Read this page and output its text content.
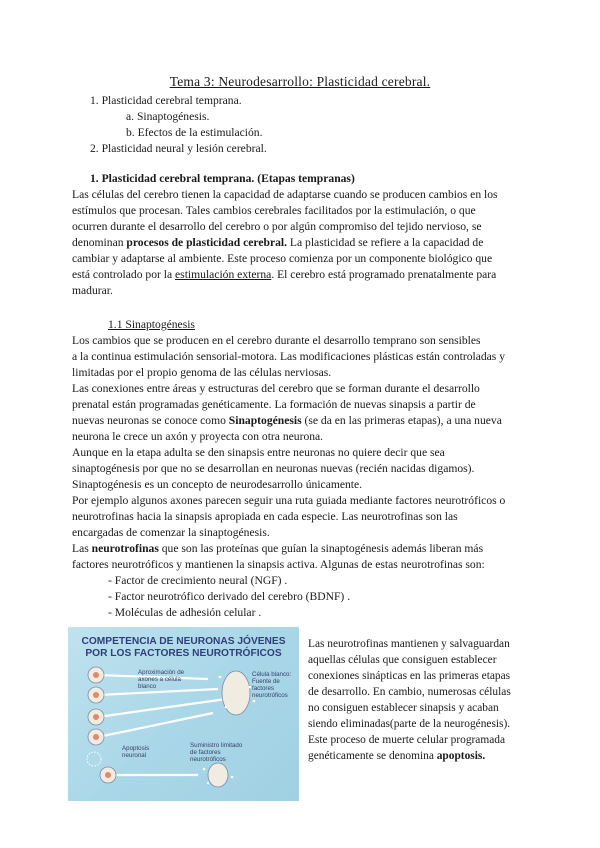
Tema 3: Neurodesarrollo: Plasticidad cerebral.
1. Plasticidad cerebral temprana.
a. Sinaptogénesis.
b. Efectos de la estimulación.
2. Plasticidad neural y lesión cerebral.
1. Plasticidad cerebral temprana. (Etapas tempranas)
Las células del cerebro tienen la capacidad de adaptarse cuando se producen cambios en los
estímulos que procesan. Tales cambios cerebrales facilitados por la estimulación, o que
ocurren durante el desarrollo del cerebro o por algún compromiso del tejido nervioso, se
denominan procesos de plasticidad cerebral. La plasticidad se refiere a la capacidad de
cambiar y adaptarse al ambiente. Este proceso comienza por un componente biológico que
está controlado por la estimulación externa. El cerebro está programado prenatalmente para
madurar.
1.1 Sinaptogénesis
Los cambios que se producen en el cerebro durante el desarrollo temprano son sensibles
a la continua estimulación sensorial-motora. Las modificaciones plásticas están controladas y
limitadas por el propio genoma de las células nerviosas.
Las conexiones entre áreas y estructuras del cerebro que se forman durante el desarrollo
prenatal están programadas genéticamente. La formación de nuevas sinapsis a partir de
nuevas neuronas se conoce como Sinaptogénesis (se da en las primeras etapas), a una nueva
neurona le crece un axón y proyecta con otra neurona.
Aunque en la etapa adulta se den sinapsis entre neuronas no quiere decir que sea
sinaptogénesis por que no se desarrollan en neuronas nuevas (recién nacidas digamos).
Sinaptogénesis es un concepto de neurodesarrollo únicamente.
Por ejemplo algunos axones parecen seguir una ruta guiada mediante factores neurotróficos o
neurotrofinas hacia la sinapsis apropiada en cada especie. Las neurotrofinas son las
encargadas de comenzar la sinaptogénesis.
Las neurotrofinas que son las proteínas que guían la sinaptogénesis además liberan más
factores neurotróficos y mantienen la sinapsis activa. Algunas de estas neurotrofinas son:
- Factor de crecimiento neural (NGF) .
- Factor neurotrófico derivado del cerebro (BDNF) .
- Moléculas de adhesión celular .
COMPETENCIA DE NEURONAS JÓVENES
POR LOS FACTORES NEUROTRÓFICOS
Aproximación de
axones a célula
blanco
Célula blanco:
Fuente de
factores
neurotróficos
Apoptosis
neuronal
Suministro limitado
de factores
neurotróficos
Las neurotrofinas mantienen y salvaguardan
aquellas células que consiguen establecer
conexiones sinápticas en las primeras etapas
de desarrollo. En cambio, numerosas células
no consiguen establecer sinapsis y acaban
siendo eliminadas(parte de la neurogénesis).
Este proceso de muerte celular programada
genéticamente se denomina apoptosis.
